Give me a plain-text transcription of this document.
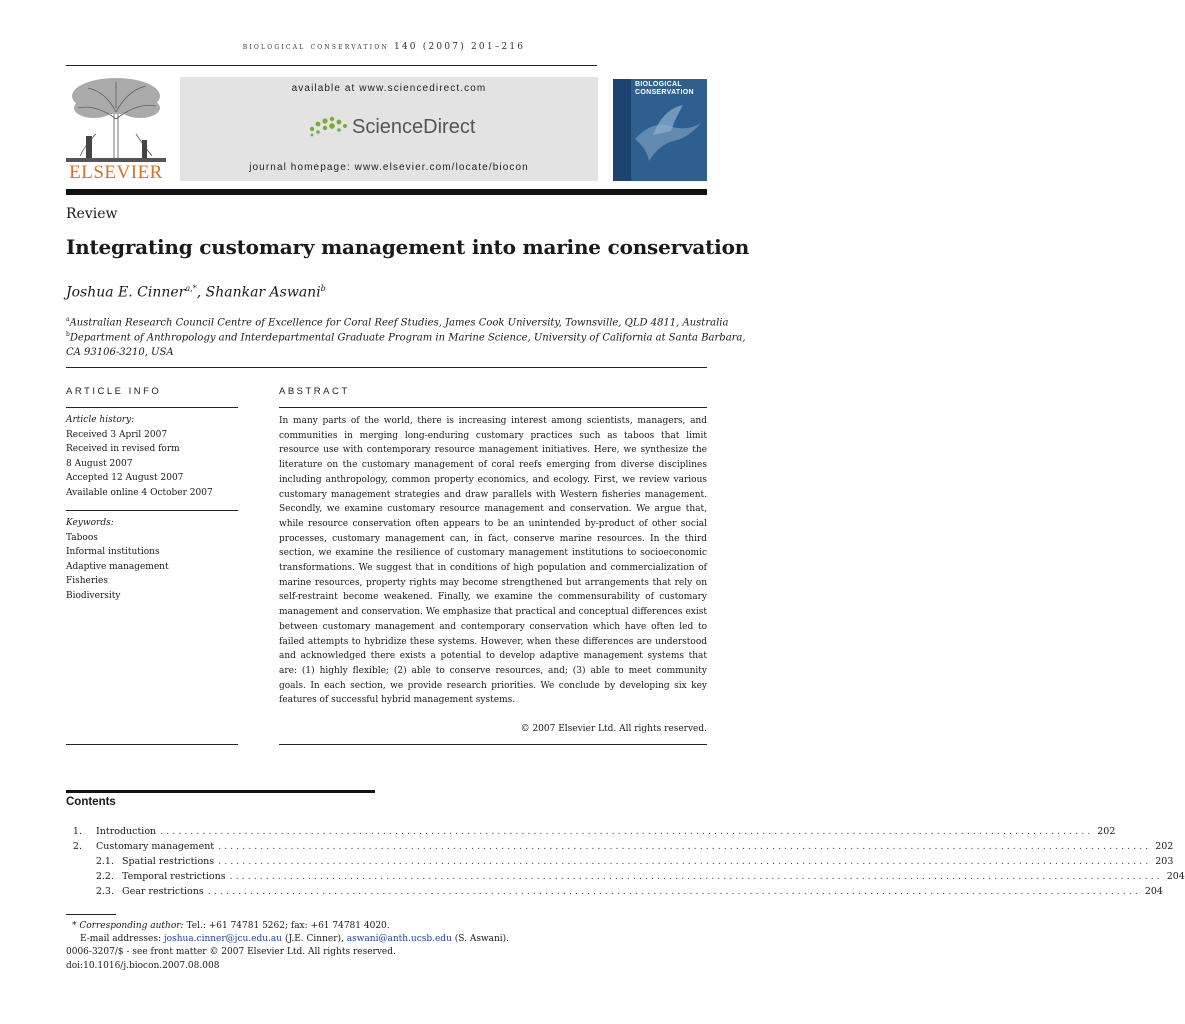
biological conservation 140 (2007) 201–216
ELSEVIER
available at www.sciencedirect.com
ScienceDirect
journal homepage: www.elsevier.com/locate/biocon
BIOLOGICAL
CONSERVATION
Review
Integrating customary management into marine conservation
Joshua E. Cinner$^{a,*}$, Shankar Aswani$^b$
$^a$Australian Research Council Centre of Excellence for Coral Reef Studies, James Cook University, Townsville, QLD 4811, Australia
$^b$Department of Anthropology and Interdepartmental Graduate Program in Marine Science, University of California at Santa Barbara,
CA 93106-3210, USA
ARTICLE INFO
Article history:
Received 3 April 2007
Received in revised form
8 August 2007
Accepted 12 August 2007
Available online 4 October 2007
Keywords:
Taboos
Informal institutions
Adaptive management
Fisheries
Biodiversity
ABSTRACT
In many parts of the world, there is increasing interest among scientists, managers, and communities in merging long-enduring customary practices such as taboos that limit resource use with contemporary resource management initiatives. Here, we synthesize the literature on the customary management of coral reefs emerging from diverse disciplines including anthropology, common property economics, and ecology. First, we review various customary management strategies and draw parallels with Western fisheries management. Secondly, we examine customary resource management and conservation. We argue that, while resource conservation often appears to be an unintended by-product of other social processes, customary management can, in fact, conserve marine resources. In the third section, we examine the resilience of customary management institutions to socioeconomic transformations. We suggest that in conditions of high population and commercialization of marine resources, property rights may become strengthened but arrangements that rely on self-restraint become weakened. Finally, we examine the commensurability of customary management and conservation. We emphasize that practical and conceptual differences exist between customary management and contemporary conservation which have often led to failed attempts to hybridize these systems. However, when these differences are understood and acknowledged there exists a potential to develop adaptive management systems that are: (1) highly flexible; (2) able to conserve resources, and; (3) able to meet community goals. In each section, we provide research priorities. We conclude by developing six key features of successful hybrid management systems.
© 2007 Elsevier Ltd. All rights reserved.
Contents
1.	Introduction ........................................................................................................................................................... 202
2.	Customary management ........................................................................................................................................................... 202
2.1. Spatial restrictions ........................................................................................................................................................... 203
2.2. Temporal restrictions ........................................................................................................................................................... 204
2.3. Gear restrictions ........................................................................................................................................................... 204
* Corresponding author: Tel.: +61 74781 5262; fax: +61 74781 4020.
E-mail addresses: joshua.cinner@jcu.edu.au (J.E. Cinner), aswani@anth.ucsb.edu (S. Aswani).
0006-3207/$ - see front matter © 2007 Elsevier Ltd. All rights reserved.
doi:10.1016/j.biocon.2007.08.008
